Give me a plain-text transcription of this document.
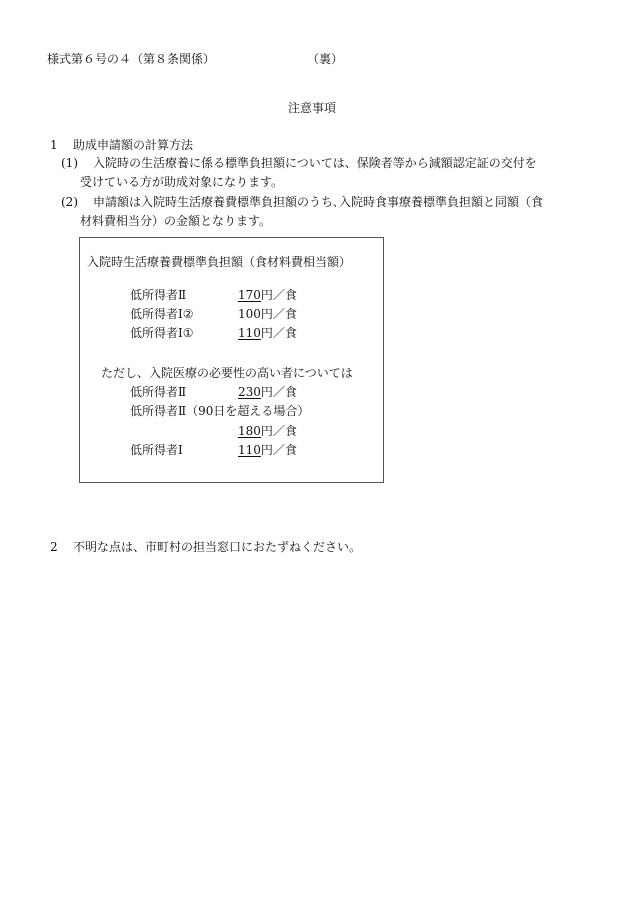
様式第６号の４（第８条関係）	（裏）
注意事項
1 助成申請額の計算方法
(1) 入院時の生活療養に係る標準負担額については、保険者等から減額認定証の交付を
受けている方が助成対象になります。
(2) 申請額は入院時生活療養費標準負担額のうち､入院時食事療養標準負担額と同額（食
材料費相当分）の金額となります。
入院時生活療養費標準負担額（食材料費相当額）
低所得者Ⅱ	170円／食
低所得者Ⅰ②	100円／食
低所得者Ⅰ①	110円／食
ただし、入院医療の必要性の高い者については
低所得者Ⅱ	230円／食
低所得者Ⅱ（90日を超える場合）
180円／食
低所得者Ⅰ	110円／食
2 不明な点は、市町村の担当窓口におたずねください。
